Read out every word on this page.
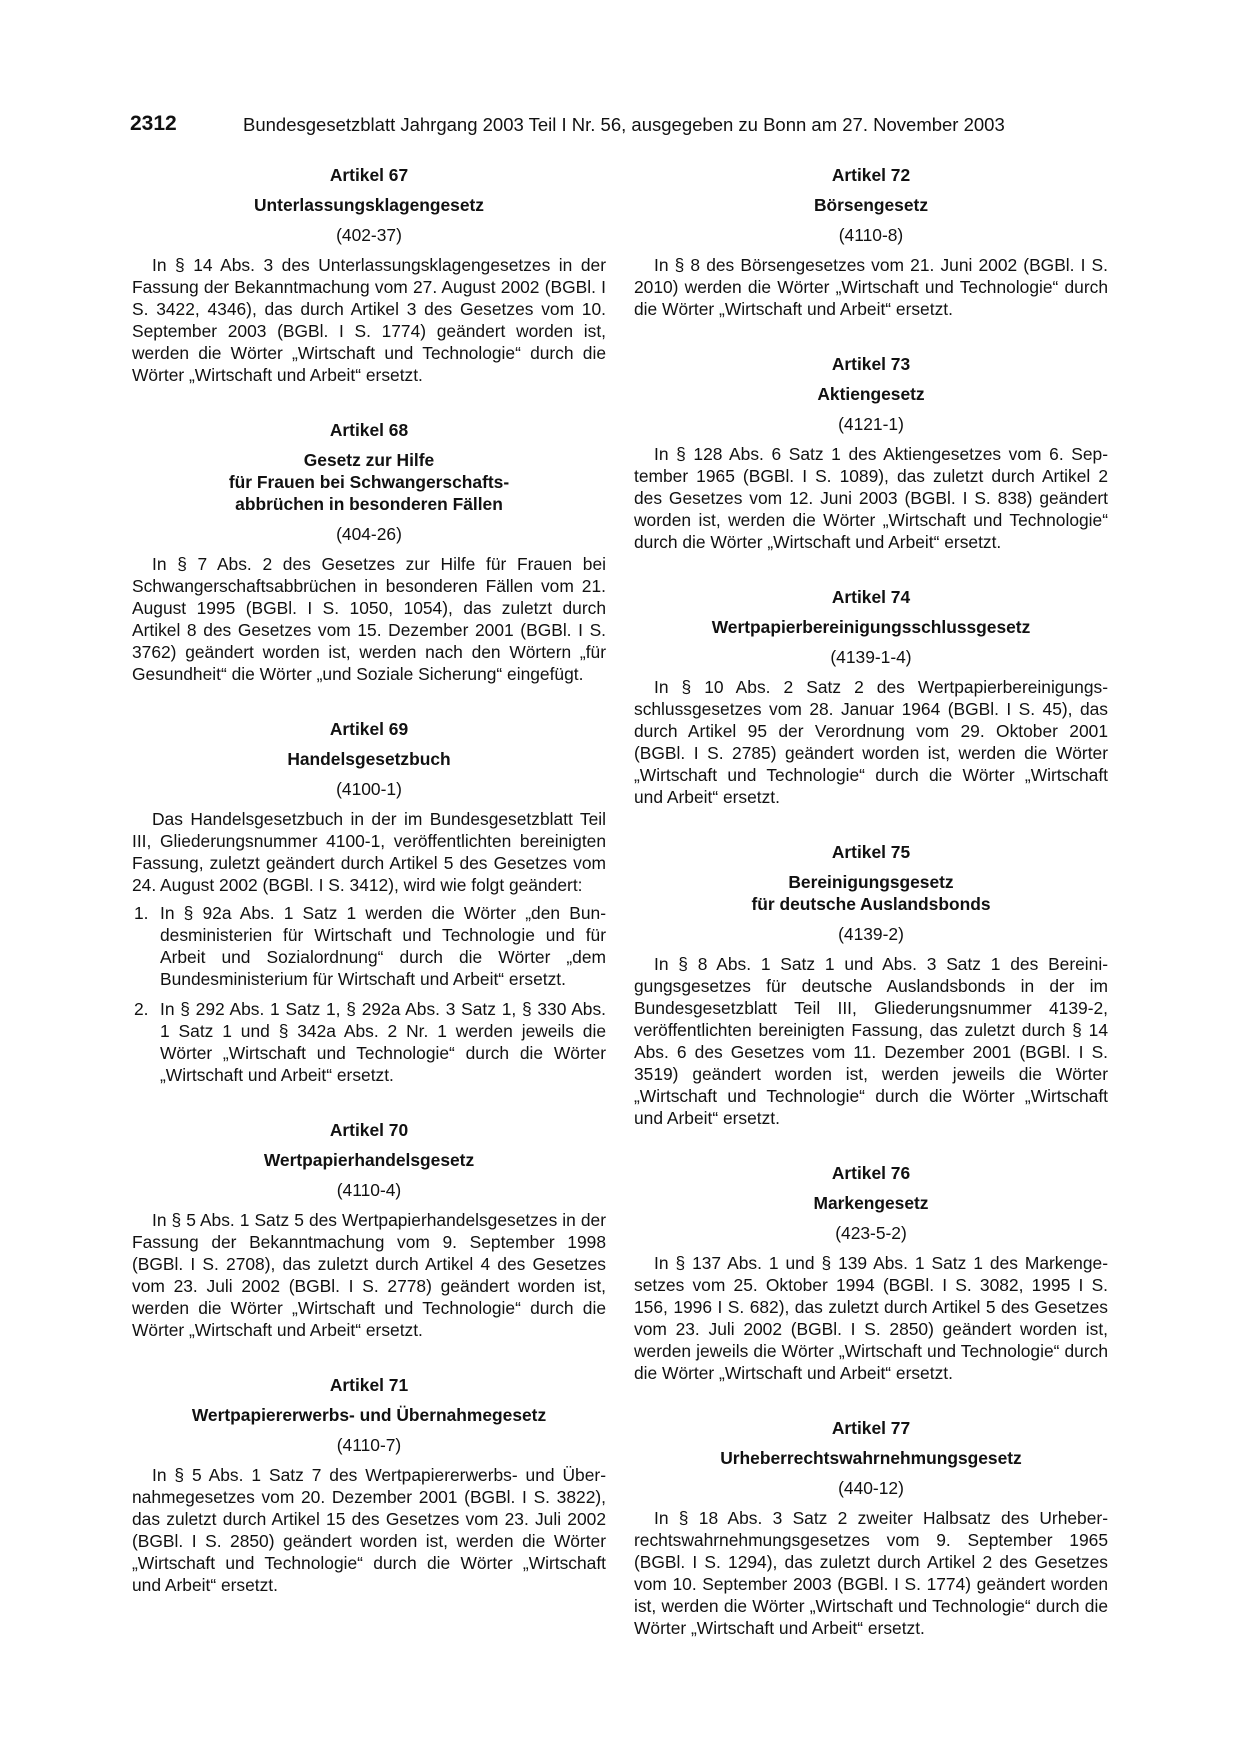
2312	Bundesgesetzblatt Jahrgang 2003 Teil I Nr. 56, ausgegeben zu Bonn am 27. November 2003
Artikel 67
Unterlassungsklagengesetz
(402-37)

In § 14 Abs. 3 des Unterlassungsklagengesetzes in der Fassung der Bekanntmachung vom 27. August 2002 (BGBl. I S. 3422, 4346), das durch Artikel 3 des Gesetzes vom 10. September 2003 (BGBl. I S. 1774) geändert worden ist, werden die Wörter „Wirtschaft und Technologie“ durch die Wörter „Wirtschaft und Arbeit“ ersetzt.

Artikel 68
Gesetz zur Hilfe
für Frauen bei Schwangerschafts-
abbrüchen in besonderen Fällen
(404-26)

In § 7 Abs. 2 des Gesetzes zur Hilfe für Frauen bei Schwangerschaftsabbrüchen in besonderen Fällen vom 21. August 1995 (BGBl. I S. 1050, 1054), das zuletzt durch Artikel 8 des Gesetzes vom 15. Dezember 2001 (BGBl. I S. 3762) geändert worden ist, werden nach den Wörtern „für Gesundheit“ die Wörter „und Soziale Sicherung“ eingefügt.

Artikel 69
Handelsgesetzbuch
(4100-1)

Das Handelsgesetzbuch in der im Bundesgesetzblatt Teil III, Gliederungsnummer 4100-1, veröffentlichten bereinigten Fassung, zuletzt geändert durch Artikel 5 des Gesetzes vom 24. August 2002 (BGBl. I S. 3412), wird wie folgt geändert:

1. In § 92a Abs. 1 Satz 1 werden die Wörter „den Bundesministerien für Wirtschaft und Technologie und für Arbeit und Sozialordnung“ durch die Wörter „dem Bundesministerium für Wirtschaft und Arbeit“ ersetzt.
2. In § 292 Abs. 1 Satz 1, § 292a Abs. 3 Satz 1, § 330 Abs. 1 Satz 1 und § 342a Abs. 2 Nr. 1 werden jeweils die Wörter „Wirtschaft und Technologie“ durch die Wörter „Wirtschaft und Arbeit“ ersetzt.
Artikel 70
Wertpapierhandelsgesetz
(4110-4)

In § 5 Abs. 1 Satz 5 des Wertpapierhandelsgesetzes in der Fassung der Bekanntmachung vom 9. September 1998 (BGBl. I S. 2708), das zuletzt durch Artikel 4 des Gesetzes vom 23. Juli 2002 (BGBl. I S. 2778) geändert worden ist, werden die Wörter „Wirtschaft und Technologie“ durch die Wörter „Wirtschaft und Arbeit“ ersetzt.

Artikel 71
Wertpapiererwerbs- und Übernahmegesetz
(4110-7)

In § 5 Abs. 1 Satz 7 des Wertpapiererwerbs- und Übernahmegesetzes vom 20. Dezember 2001 (BGBl. I S. 3822), das zuletzt durch Artikel 15 des Gesetzes vom 23. Juli 2002 (BGBl. I S. 2850) geändert worden ist, werden die Wörter „Wirtschaft und Technologie“ durch die Wörter „Wirtschaft und Arbeit“ ersetzt.

Artikel 72
Börsengesetz
(4110-8)

In § 8 des Börsengesetzes vom 21. Juni 2002 (BGBl. I S. 2010) werden die Wörter „Wirtschaft und Technologie“ durch die Wörter „Wirtschaft und Arbeit“ ersetzt.

Artikel 73
Aktiengesetz
(4121-1)

In § 128 Abs. 6 Satz 1 des Aktiengesetzes vom 6. September 1965 (BGBl. I S. 1089), das zuletzt durch Artikel 2 des Gesetzes vom 12. Juni 2003 (BGBl. I S. 838) geändert worden ist, werden die Wörter „Wirtschaft und Technologie“ durch die Wörter „Wirtschaft und Arbeit“ ersetzt.

Artikel 74
Wertpapierbereinigungsschlussgesetz
(4139-1-4)

In § 10 Abs. 2 Satz 2 des Wertpapierbereinigungsschlussgesetzes vom 28. Januar 1964 (BGBl. I S. 45), das durch Artikel 95 der Verordnung vom 29. Oktober 2001 (BGBl. I S. 2785) geändert worden ist, werden die Wörter „Wirtschaft und Technologie“ durch die Wörter „Wirtschaft und Arbeit“ ersetzt.

Artikel 75
Bereinigungsgesetz
für deutsche Auslandsbonds
(4139-2)

In § 8 Abs. 1 Satz 1 und Abs. 3 Satz 1 des Bereinigungsgesetzes für deutsche Auslandsbonds in der im Bundesgesetzblatt Teil III, Gliederungsnummer 4139-2, veröffentlichten bereinigten Fassung, das zuletzt durch § 14 Abs. 6 des Gesetzes vom 11. Dezember 2001 (BGBl. I S. 3519) geändert worden ist, werden jeweils die Wörter „Wirtschaft und Technologie“ durch die Wörter „Wirtschaft und Arbeit“ ersetzt.

Artikel 76
Markengesetz
(423-5-2)

In § 137 Abs. 1 und § 139 Abs. 1 Satz 1 des Markengesetzes vom 25. Oktober 1994 (BGBl. I S. 3082, 1995 I S. 156, 1996 I S. 682), das zuletzt durch Artikel 5 des Gesetzes vom 23. Juli 2002 (BGBl. I S. 2850) geändert worden ist, werden jeweils die Wörter „Wirtschaft und Technologie“ durch die Wörter „Wirtschaft und Arbeit“ ersetzt.

Artikel 77
Urheberrechtswahrnehmungsgesetz
(440-12)

In § 18 Abs. 3 Satz 2 zweiter Halbsatz des Urheberrechtswahrnehmungsgesetzes vom 9. September 1965 (BGBl. I S. 1294), das zuletzt durch Artikel 2 des Gesetzes vom 10. September 2003 (BGBl. I S. 1774) geändert worden ist, werden die Wörter „Wirtschaft und Technologie“ durch die Wörter „Wirtschaft und Arbeit“ ersetzt.
